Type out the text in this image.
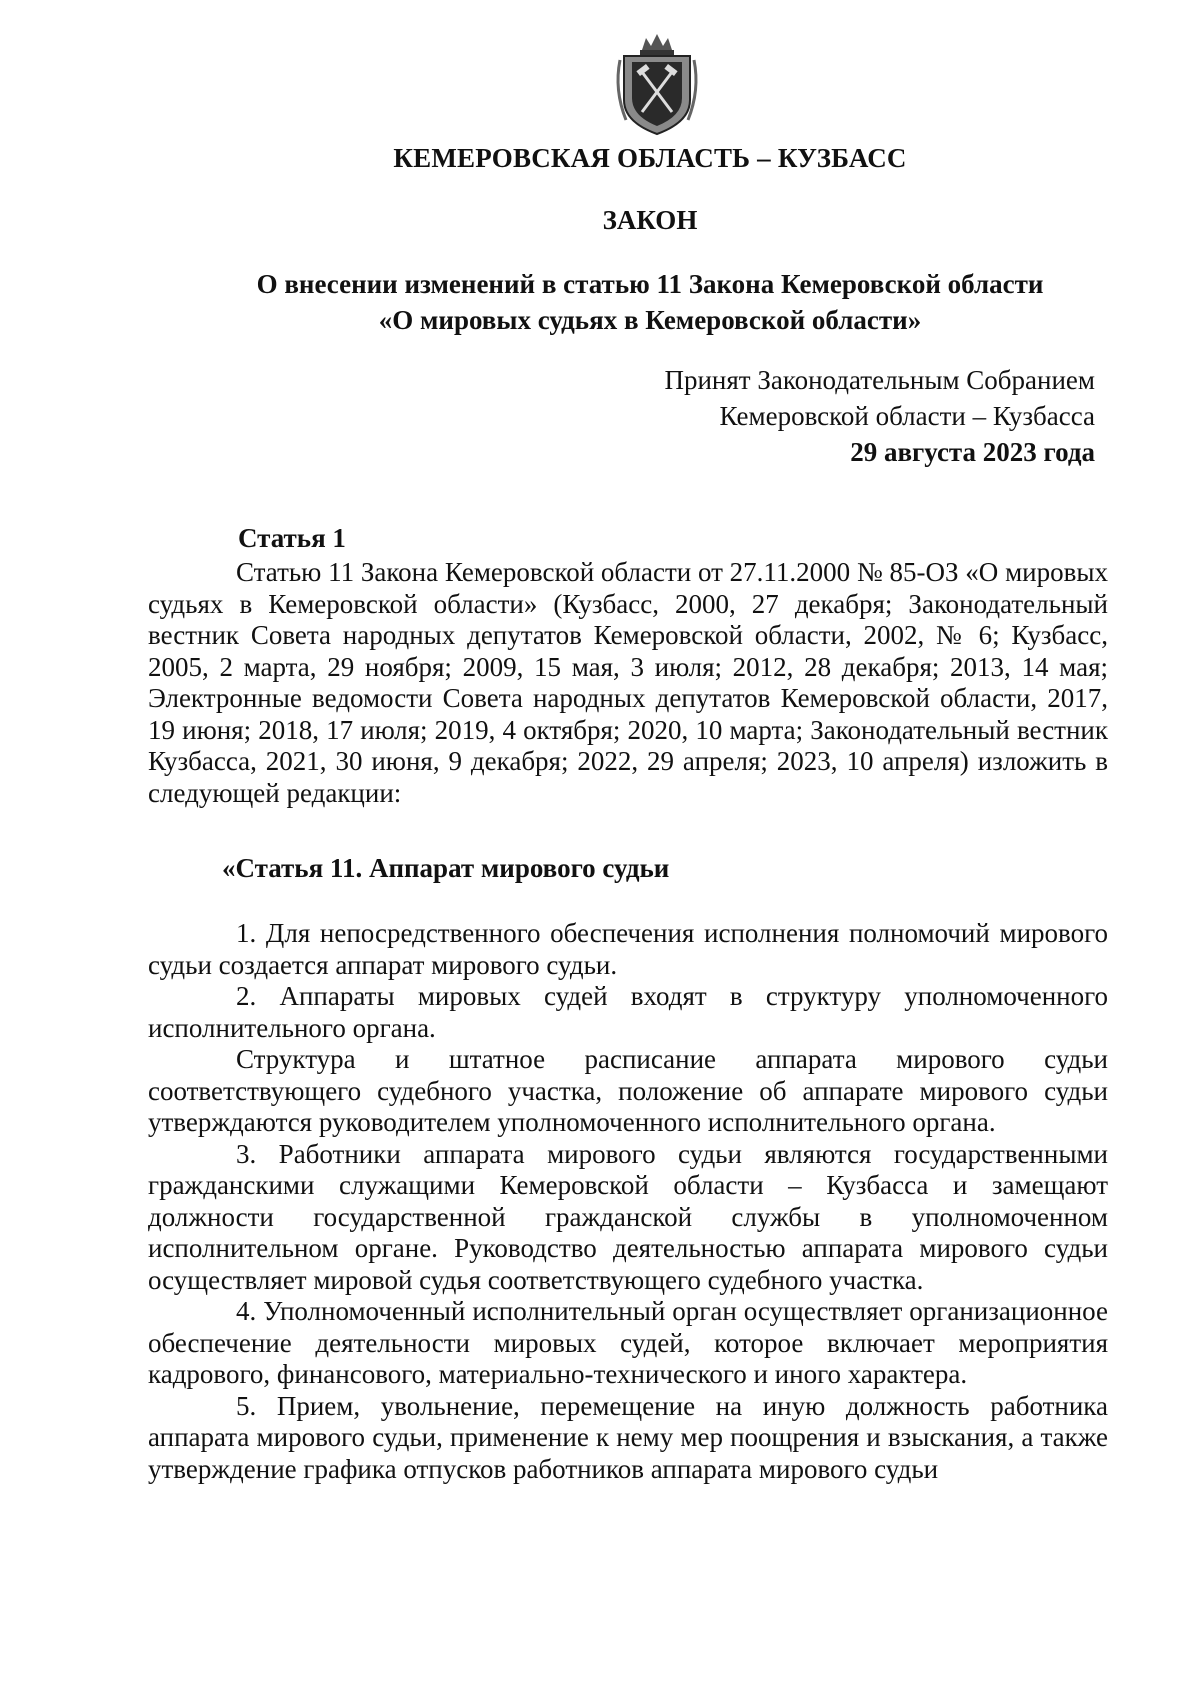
КЕМЕРОВСКАЯ ОБЛАСТЬ – КУЗБАСС
ЗАКОН
О внесении изменений в статью 11 Закона Кемеровской области
«О мировых судьях в Кемеровской области»
Принят Законодательным Собранием
Кемеровской области – Кузбасса
29 августа 2023 года
Статья 1

Статью 11 Закона Кемеровской области от 27.11.2000 № 85-ОЗ «О мировых судьях в Кемеровской области» (Кузбасс, 2000, 27 декабря; Законодательный вестник Совета народных депутатов Кемеровской области, 2002, № 6; Кузбасс, 2005, 2 марта, 29 ноября; 2009, 15 мая, 3 июля; 2012, 28 декабря; 2013, 14 мая; Электронные ведомости Совета народных депутатов Кемеровской области, 2017, 19 июня; 2018, 17 июля; 2019, 4 октября; 2020, 10 марта; Законодательный вестник Кузбасса, 2021, 30 июня, 9 декабря; 2022, 29 апреля; 2023, 10 апреля) изложить в следующей редакции:

«Статья 11. Аппарат мирового судьи

1. Для непосредственного обеспечения исполнения полномочий мирового судьи создается аппарат мирового судьи.

2. Аппараты мировых судей входят в структуру уполномоченного исполнительного органа.

Структура и штатное расписание аппарата мирового судьи соответствующего судебного участка, положение об аппарате мирового судьи утверждаются руководителем уполномоченного исполнительного органа.

3. Работники аппарата мирового судьи являются государственными гражданскими служащими Кемеровской области – Кузбасса и замещают должности государственной гражданской службы в уполномоченном исполнительном органе. Руководство деятельностью аппарата мирового судьи осуществляет мировой судья соответствующего судебного участка.

4. Уполномоченный исполнительный орган осуществляет организационное обеспечение деятельности мировых судей, которое включает мероприятия кадрового, финансового, материально-технического и иного характера.

5. Прием, увольнение, перемещение на иную должность работника аппарата мирового судьи, применение к нему мер поощрения и взыскания, а также утверждение графика отпусков работников аппарата мирового судьи
